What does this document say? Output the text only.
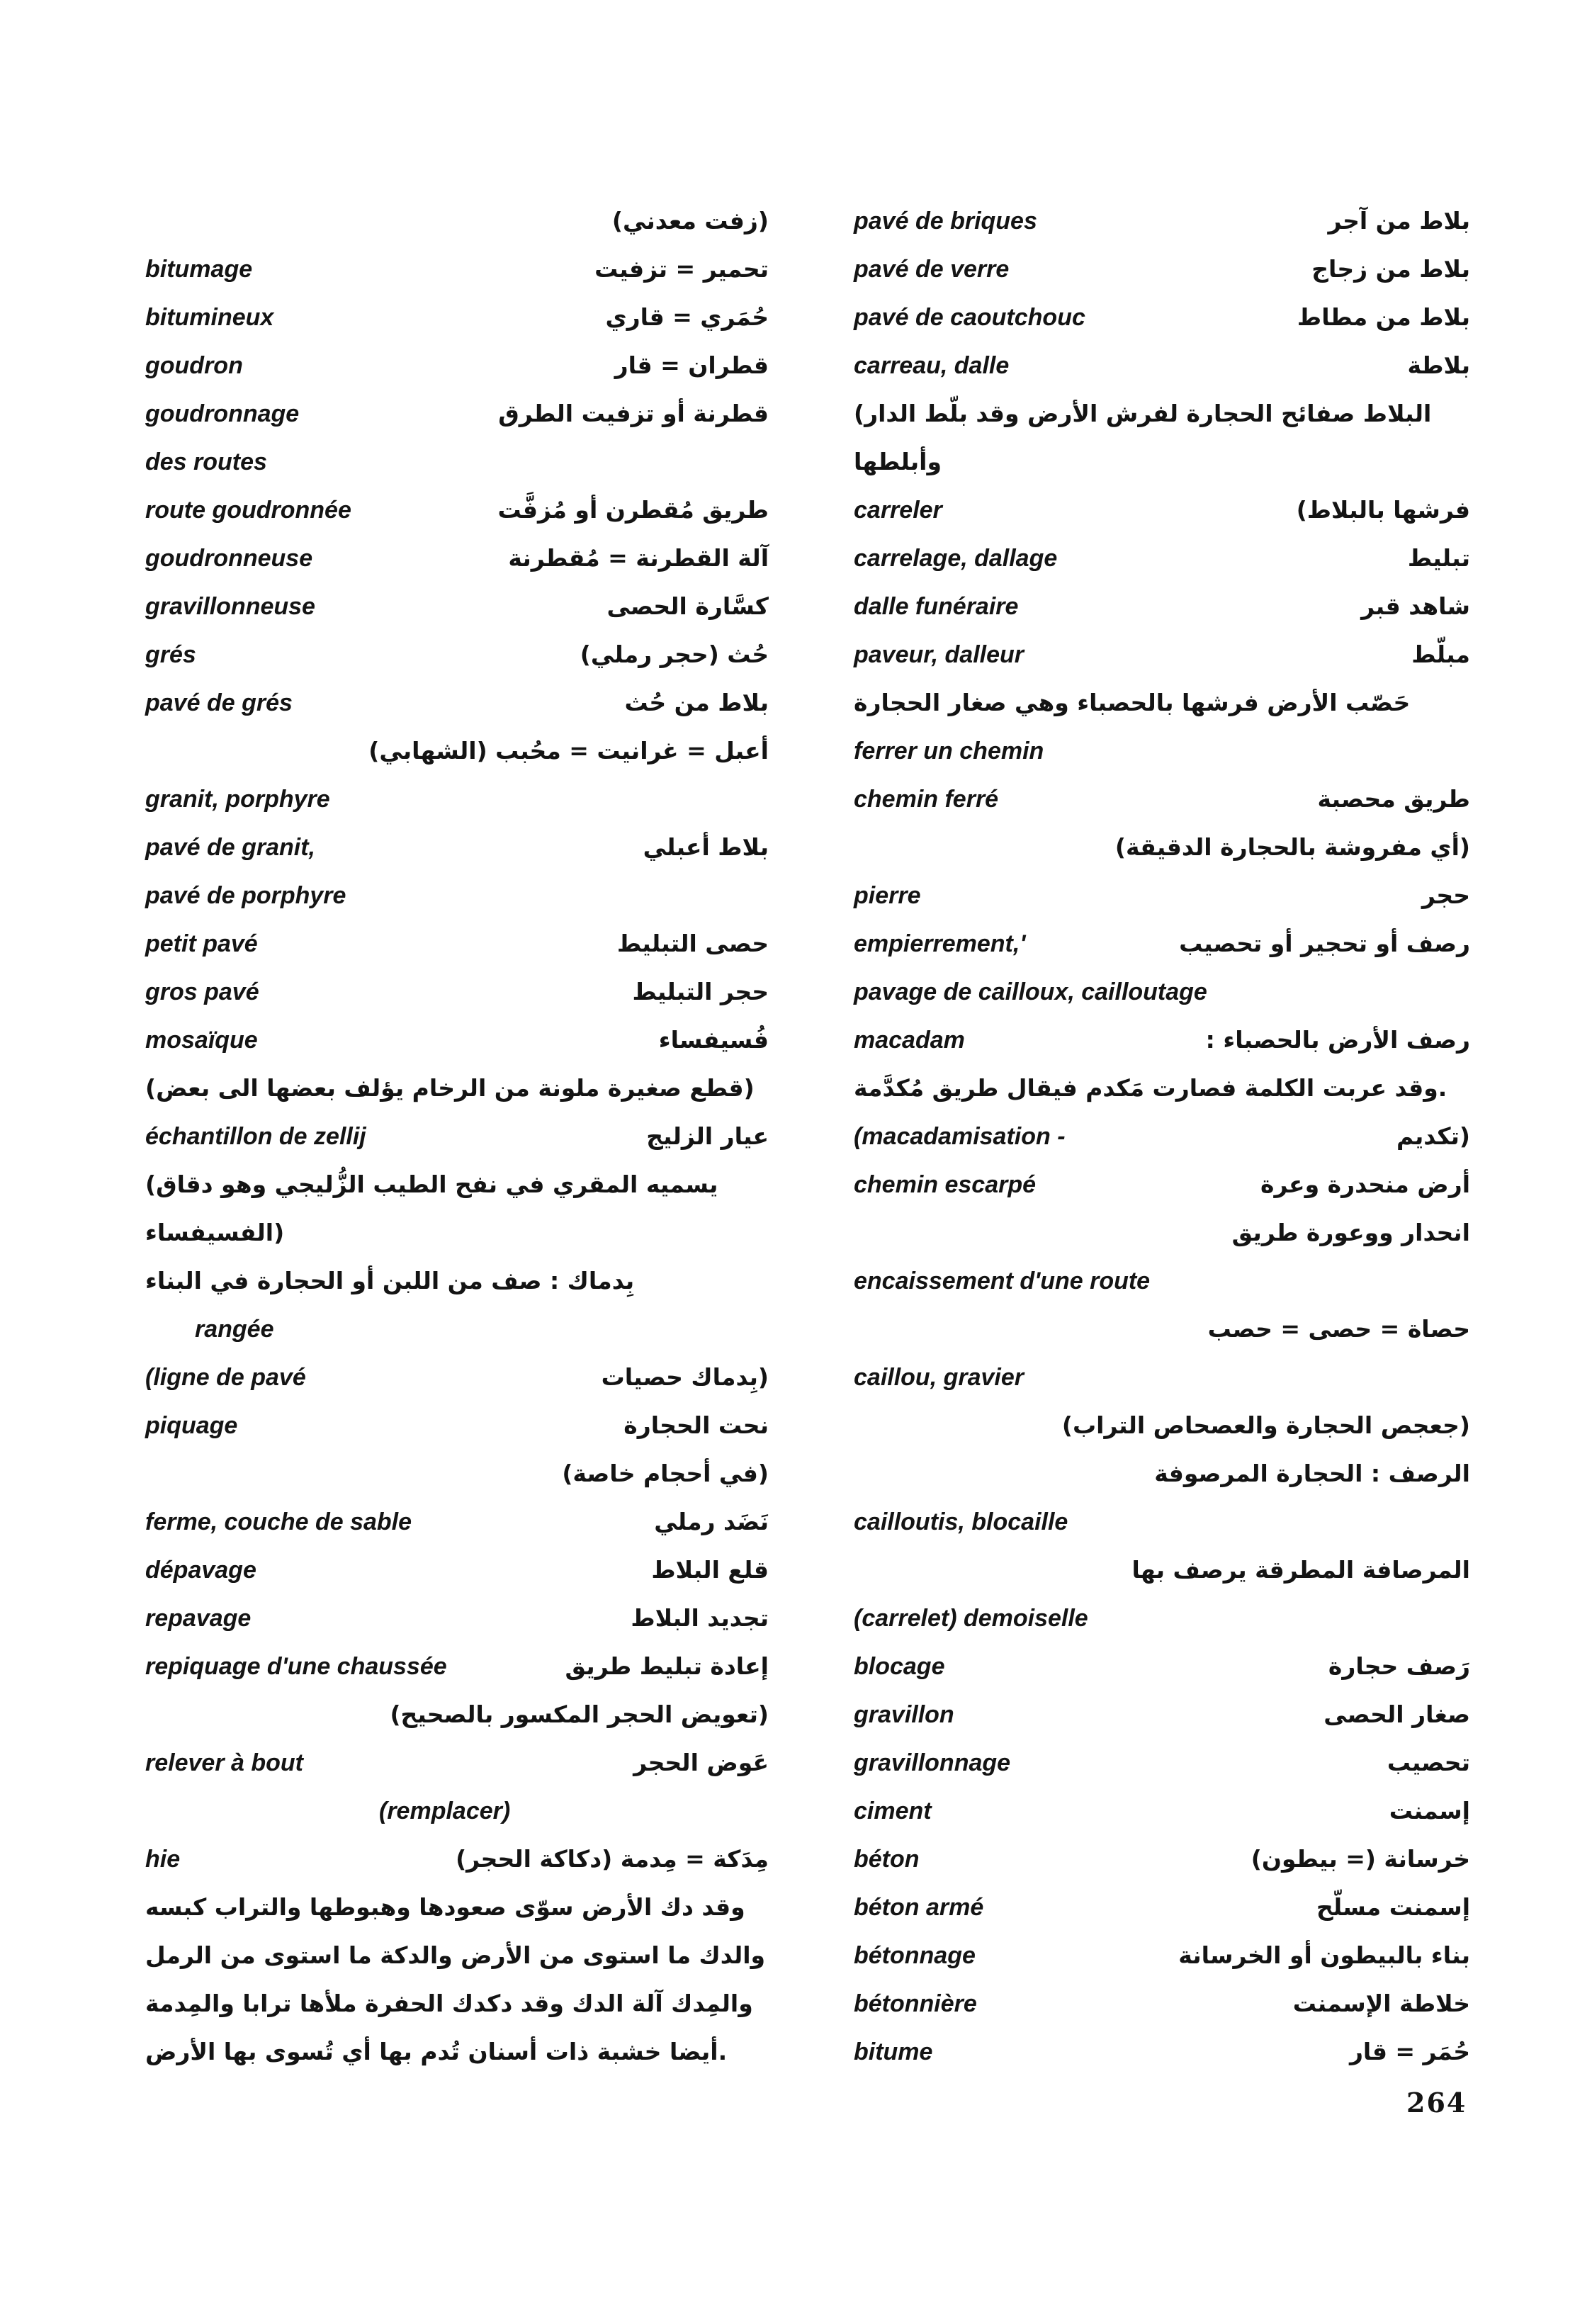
(زفت معدني)
bitumage	تحمير = تزفيت
bitumineux	حُمَري = قاري
goudron	قطران = قار
goudronnage	قطرنة أو تزفيت الطرق
des routes
route goudronnée	طريق مُقطرن أو مُزفَّت
goudronneuse	آلة القطرنة = مُقطرنة
gravillonneuse	كسَّارة الحصى
grés	حُث (حجر رملي)
pavé de grés	بلاط من حُث
أعبل = غرانيت = محُبب (الشهابي)
granit, porphyre
pavé de granit,	بلاط أعبلي
pavé de porphyre
petit pavé	حصى التبليط
gros pavé	حجر التبليط
mosaïque	فُسيفساء
(قطع صغيرة ملونة من الرخام يؤلف بعضها الى بعض)
échantillon de zellij	عيار الزليج
(يسميه المقري في نفح الطيب الزُّليجي وهو دقاق الفسيفساء)
بِدماك : صف من اللبن أو الحجارة في البناء
rangée
(ligne de pavé	(بِدماك حصيات
piquage	نحت الحجارة
(في أحجام خاصة)
ferme, couche de sable	نَضَد رملي
dépavage	قلع البلاط
repavage	تجديد البلاط
repiquage d'une chaussée	إعادة تبليط طريق
(تعويض الحجر المكسور بالصحيح)
relever à bout	عَوض الحجر
(remplacer)
hie	مِدَكة = مِدمة (دكاكة الحجر)
وقد دك الأرض سوّى صعودها وهبوطها والتراب كبسه والدك ما استوى من الأرض والدكة ما استوى من الرمل والمِدك آلة الدك وقد دكدك الحفرة ملأها ترابا والمِدمة أيضا خشبة ذات أسنان تُدم بها أي تُسوى بها الأرض.
pavé de briques	بلاط من آجر
pavé de verre	بلاط من زجاج
pavé de caoutchouc	بلاط من مطاط
carreau, dalle	بلاطة
(البلاط صفائح الحجارة لفرش الأرض وقد بلّط الدار وأبلطها
carreler	فرشها بالبلاط)
carrelage, dallage	تبليط
dalle funéraire	شاهد قبر
paveur, dalleur	مبلّط
حَصّب الأرض فرشها بالحصباء وهي صغار الحجارة
ferrer un chemin
chemin ferré	طريق محصبة
(أي مفروشة بالحجارة الدقيقة)
pierre	حجر
empierrement,'	رصف أو تحجير أو تحصيب
pavage de cailloux, cailloutage
macadam	رصف الأرض بالحصباء :
وقد عربت الكلمة فصارت مَكدم فيقال طريق مُكدَّمة.
(macadamisation -	(تكديم
chemin escarpé	أرض منحدرة وعرة
انحدار ووعورة طريق
encaissement d'une route
حصاة = حصى = حصب
caillou, gravier
(جعجص الحجارة والعصحاص التراب)
الرصف : الحجارة المرصوفة
cailloutis, blocaille
المرصافة المطرقة يرصف بها
(carrelet) demoiselle
blocage	رَصف حجارة
gravillon	صغار الحصى
gravillonnage	تحصيب
ciment	إسمنت
béton	خرسانة (= بيطون)
béton armé	إسمنت مسلّح
bétonnage	بناء بالبيطون أو الخرسانة
bétonnière	خلاطة الإسمنت
bitume	حُمَر = قار
264
